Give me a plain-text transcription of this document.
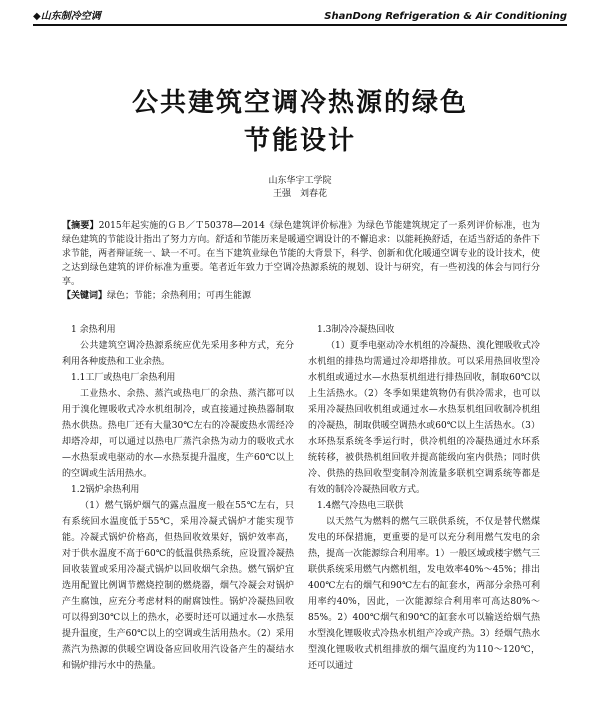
◆山东制冷空调	ShanDong Refrigeration & Air Conditioning
公共建筑空调冷热源的绿色
节能设计
山东华宇工学院
王强　刘春花

【摘要】2015年起实施的ＧＢ／Ｔ50378—2014《绿色建筑评价标准》为绿色节能建筑规定了一系列评价标准，也为绿色建筑的节能设计指出了努力方向。舒适和节能历来是暖通空调设计的不懈追求：以能耗换舒适，在适当舒适的条件下求节能，两者辩证统一、缺一不可。在当下建筑业绿色节能的大背景下，科学、创新和优化暖通空调专业的设计技术，使之达到绿色建筑的评价标准为重要。笔者近年致力于空调冷热源系统的规划、设计与研究，有一些初浅的体会与同行分享。

【关键词】绿色；节能；余热利用；可再生能源

1 余热利用

公共建筑空调冷热源系统应优先采用多种方式，充分利用各种废热和工业余热。

1.1工厂或热电厂余热利用

工业热水、余热、蒸汽或热电厂的余热、蒸汽都可以用于溴化锂吸收式冷水机组制冷，或直接通过换热器制取热水供热。热电厂还有大量30℃左右的冷凝废热水需经冷却塔冷却，可以通过以热电厂蒸汽余热为动力的吸收式水—水热泵或电驱动的水—水热泵提升温度，生产60℃以上的空调或生活用热水。

1.2锅炉余热利用

（1）燃气锅炉烟气的露点温度一般在55℃左右，只有系统回水温度低于55℃，采用冷凝式锅炉才能实现节能。冷凝式锅炉价格高，但热回收效果好，锅炉效率高，对于供水温度不高于60℃的低温供热系统，应设置冷凝热回收装置或采用冷凝式锅炉以回收烟气余热。燃气锅炉宜选用配置比例调节燃烧控制的燃烧器，烟气冷凝会对锅炉产生腐蚀，应充分考虑材料的耐腐蚀性。锅炉冷凝热回收可以得到30℃以上的热水，必要时还可以通过水—水热泵提升温度，生产60℃以上的空调或生活用热水。（2）采用蒸汽为热源的供暖空调设备应回收用汽设备产生的凝结水和锅炉排污水中的热量。

1.3制冷冷凝热回收

（1）夏季电驱动冷水机组的冷凝热、溴化锂吸收式冷水机组的排热均需通过冷却塔排放。可以采用热回收型冷水机组或通过水—水热泵机组进行排热回收，制取60℃以上生活热水。（2）冬季如果建筑物仍有供冷需求，也可以采用冷凝热回收机组或通过水—水热泵机组回收制冷机组的冷凝热，制取供暖空调热水或60℃以上生活热水。（3）水环热泵系统冬季运行时，供冷机组的冷凝热通过水环系统转移，被供热机组回收并提高能级向室内供热；同时供冷、供热的热回收型变制冷剂流量多联机空调系统等都是有效的制冷冷凝热回收方式。

1.4燃气冷热电三联供

以天然气为燃料的燃气三联供系统，不仅是替代燃煤发电的环保措施，更重要的是可以充分利用燃气发电的余热，提高一次能源综合利用率。1）一般区域或楼宇燃气三联供系统采用燃气内燃机组，发电效率40%～45%；排出400℃左右的烟气和90℃左右的缸套水，两部分余热可利用率约40%，因此，一次能源综合利用率可高达80%～85%。2）400℃烟气和90℃的缸套水可以输送给烟气热水型溴化锂吸收式冷热水机组产冷或产热。3）经烟气热水型溴化锂吸收式机组排放的烟气温度约为110～120℃，还可以通过
